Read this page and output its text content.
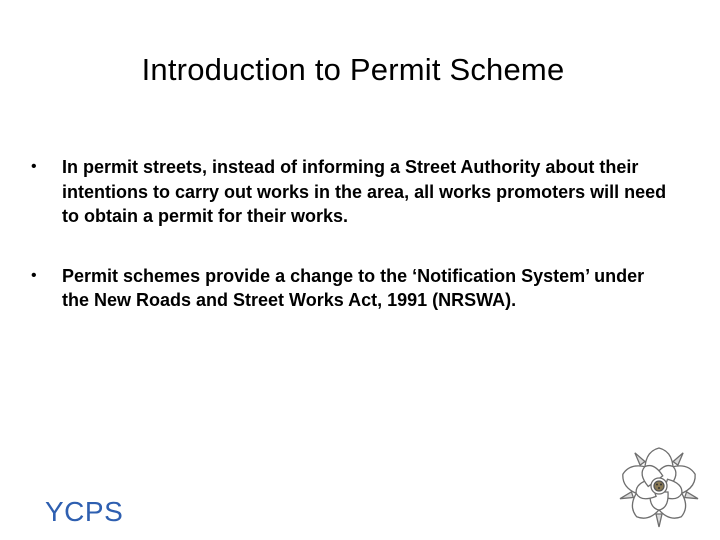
Introduction to Permit Scheme
• In permit streets, instead of informing a Street Authority about their intentions to carry out works in the area, all works promoters will need to obtain a permit for their works.
• Permit schemes provide a change to the ‘Notification System’ under the New Roads and Street Works Act, 1991 (NRSWA).
YCPS
